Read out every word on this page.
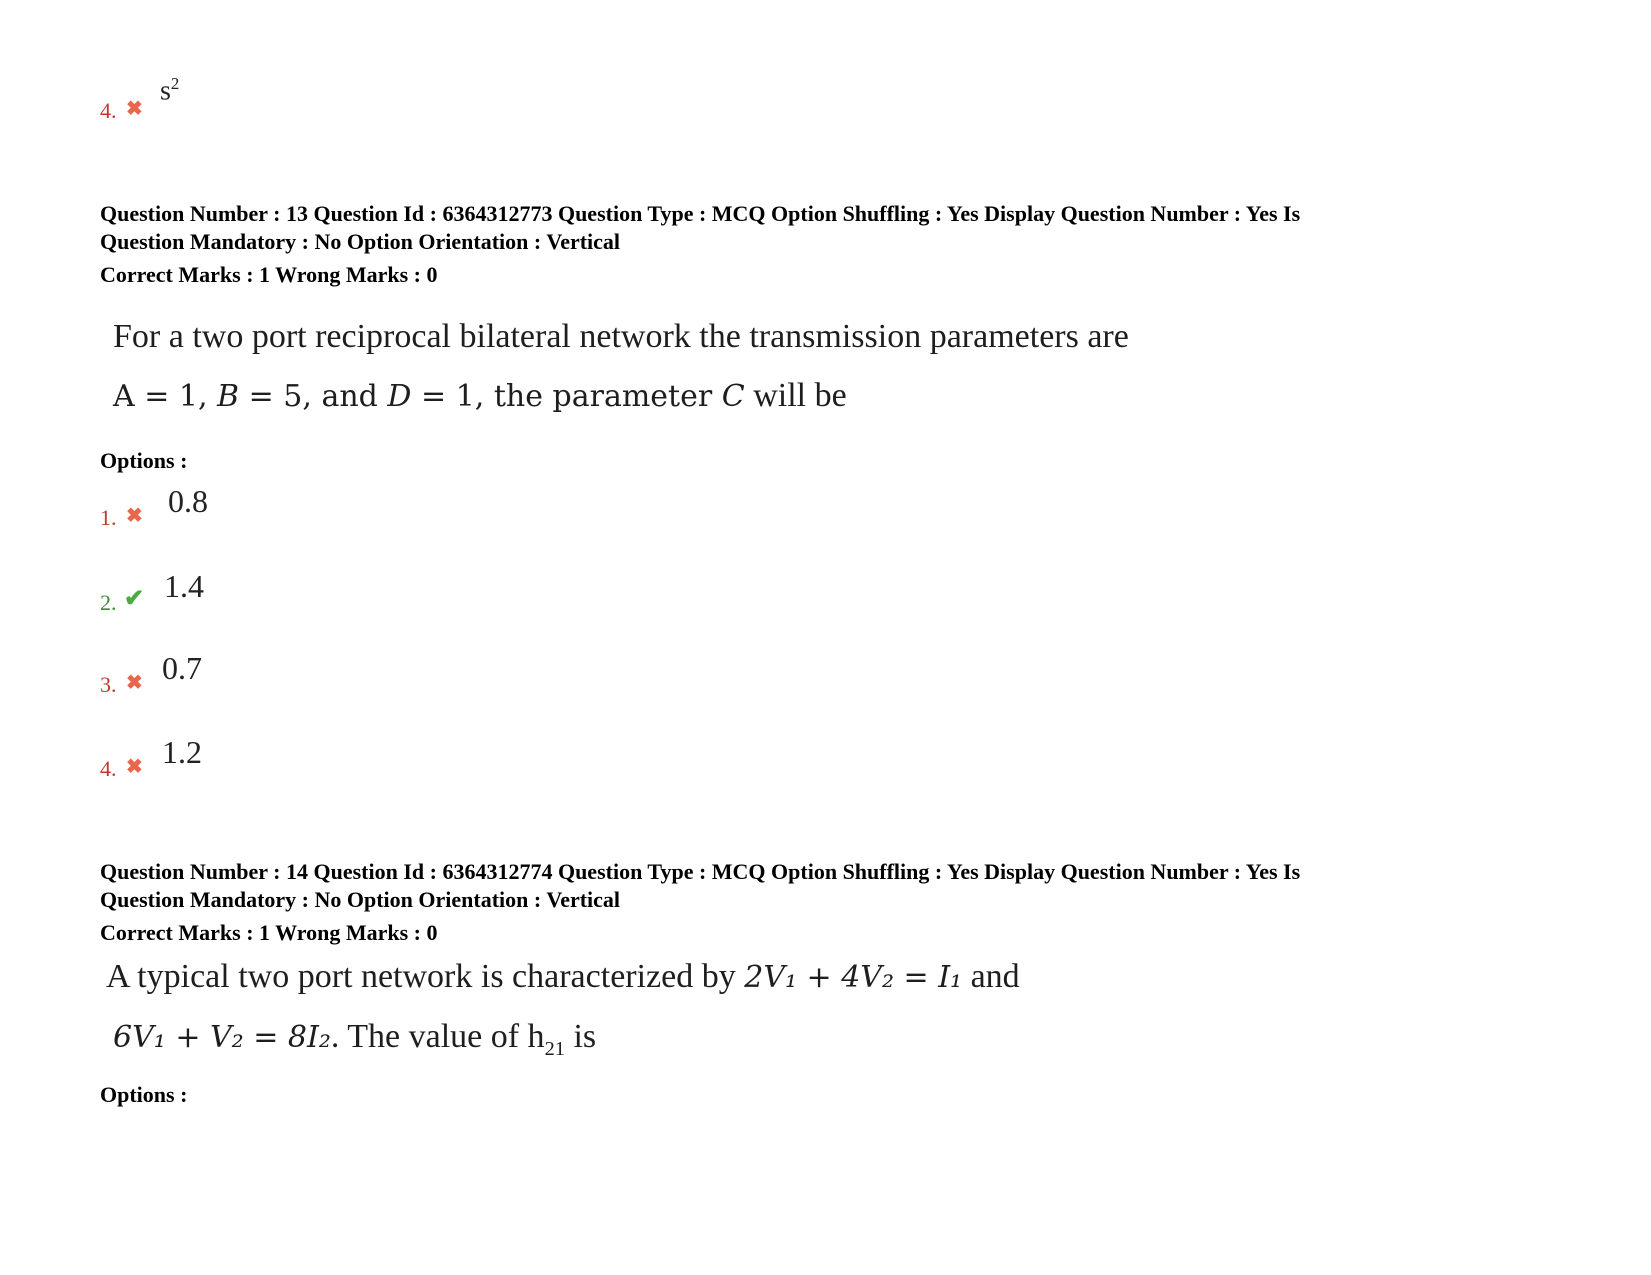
4. ✖
$s^2$
Question Number : 13 Question Id : 6364312773 Question Type : MCQ Option Shuffling : Yes Display Question Number : Yes Is
Question Mandatory : No Option Orientation : Vertical
Correct Marks : 1 Wrong Marks : 0
For a two port reciprocal bilateral network the transmission parameters are
A = 1, B = 5, and D = 1, the parameter C will be
Options :
1. ✖ 0.8
2. ✔ 1.4
3. ✖ 0.7
4. ✖ 1.2
Question Number : 14 Question Id : 6364312774 Question Type : MCQ Option Shuffling : Yes Display Question Number : Yes Is
Question Mandatory : No Option Orientation : Vertical
Correct Marks : 1 Wrong Marks : 0
A typical two port network is characterized by 2V₁ + 4V₂ = I₁ and
6V₁ + V₂ = 8I₂. The value of $h_{21}$ is
Options :
